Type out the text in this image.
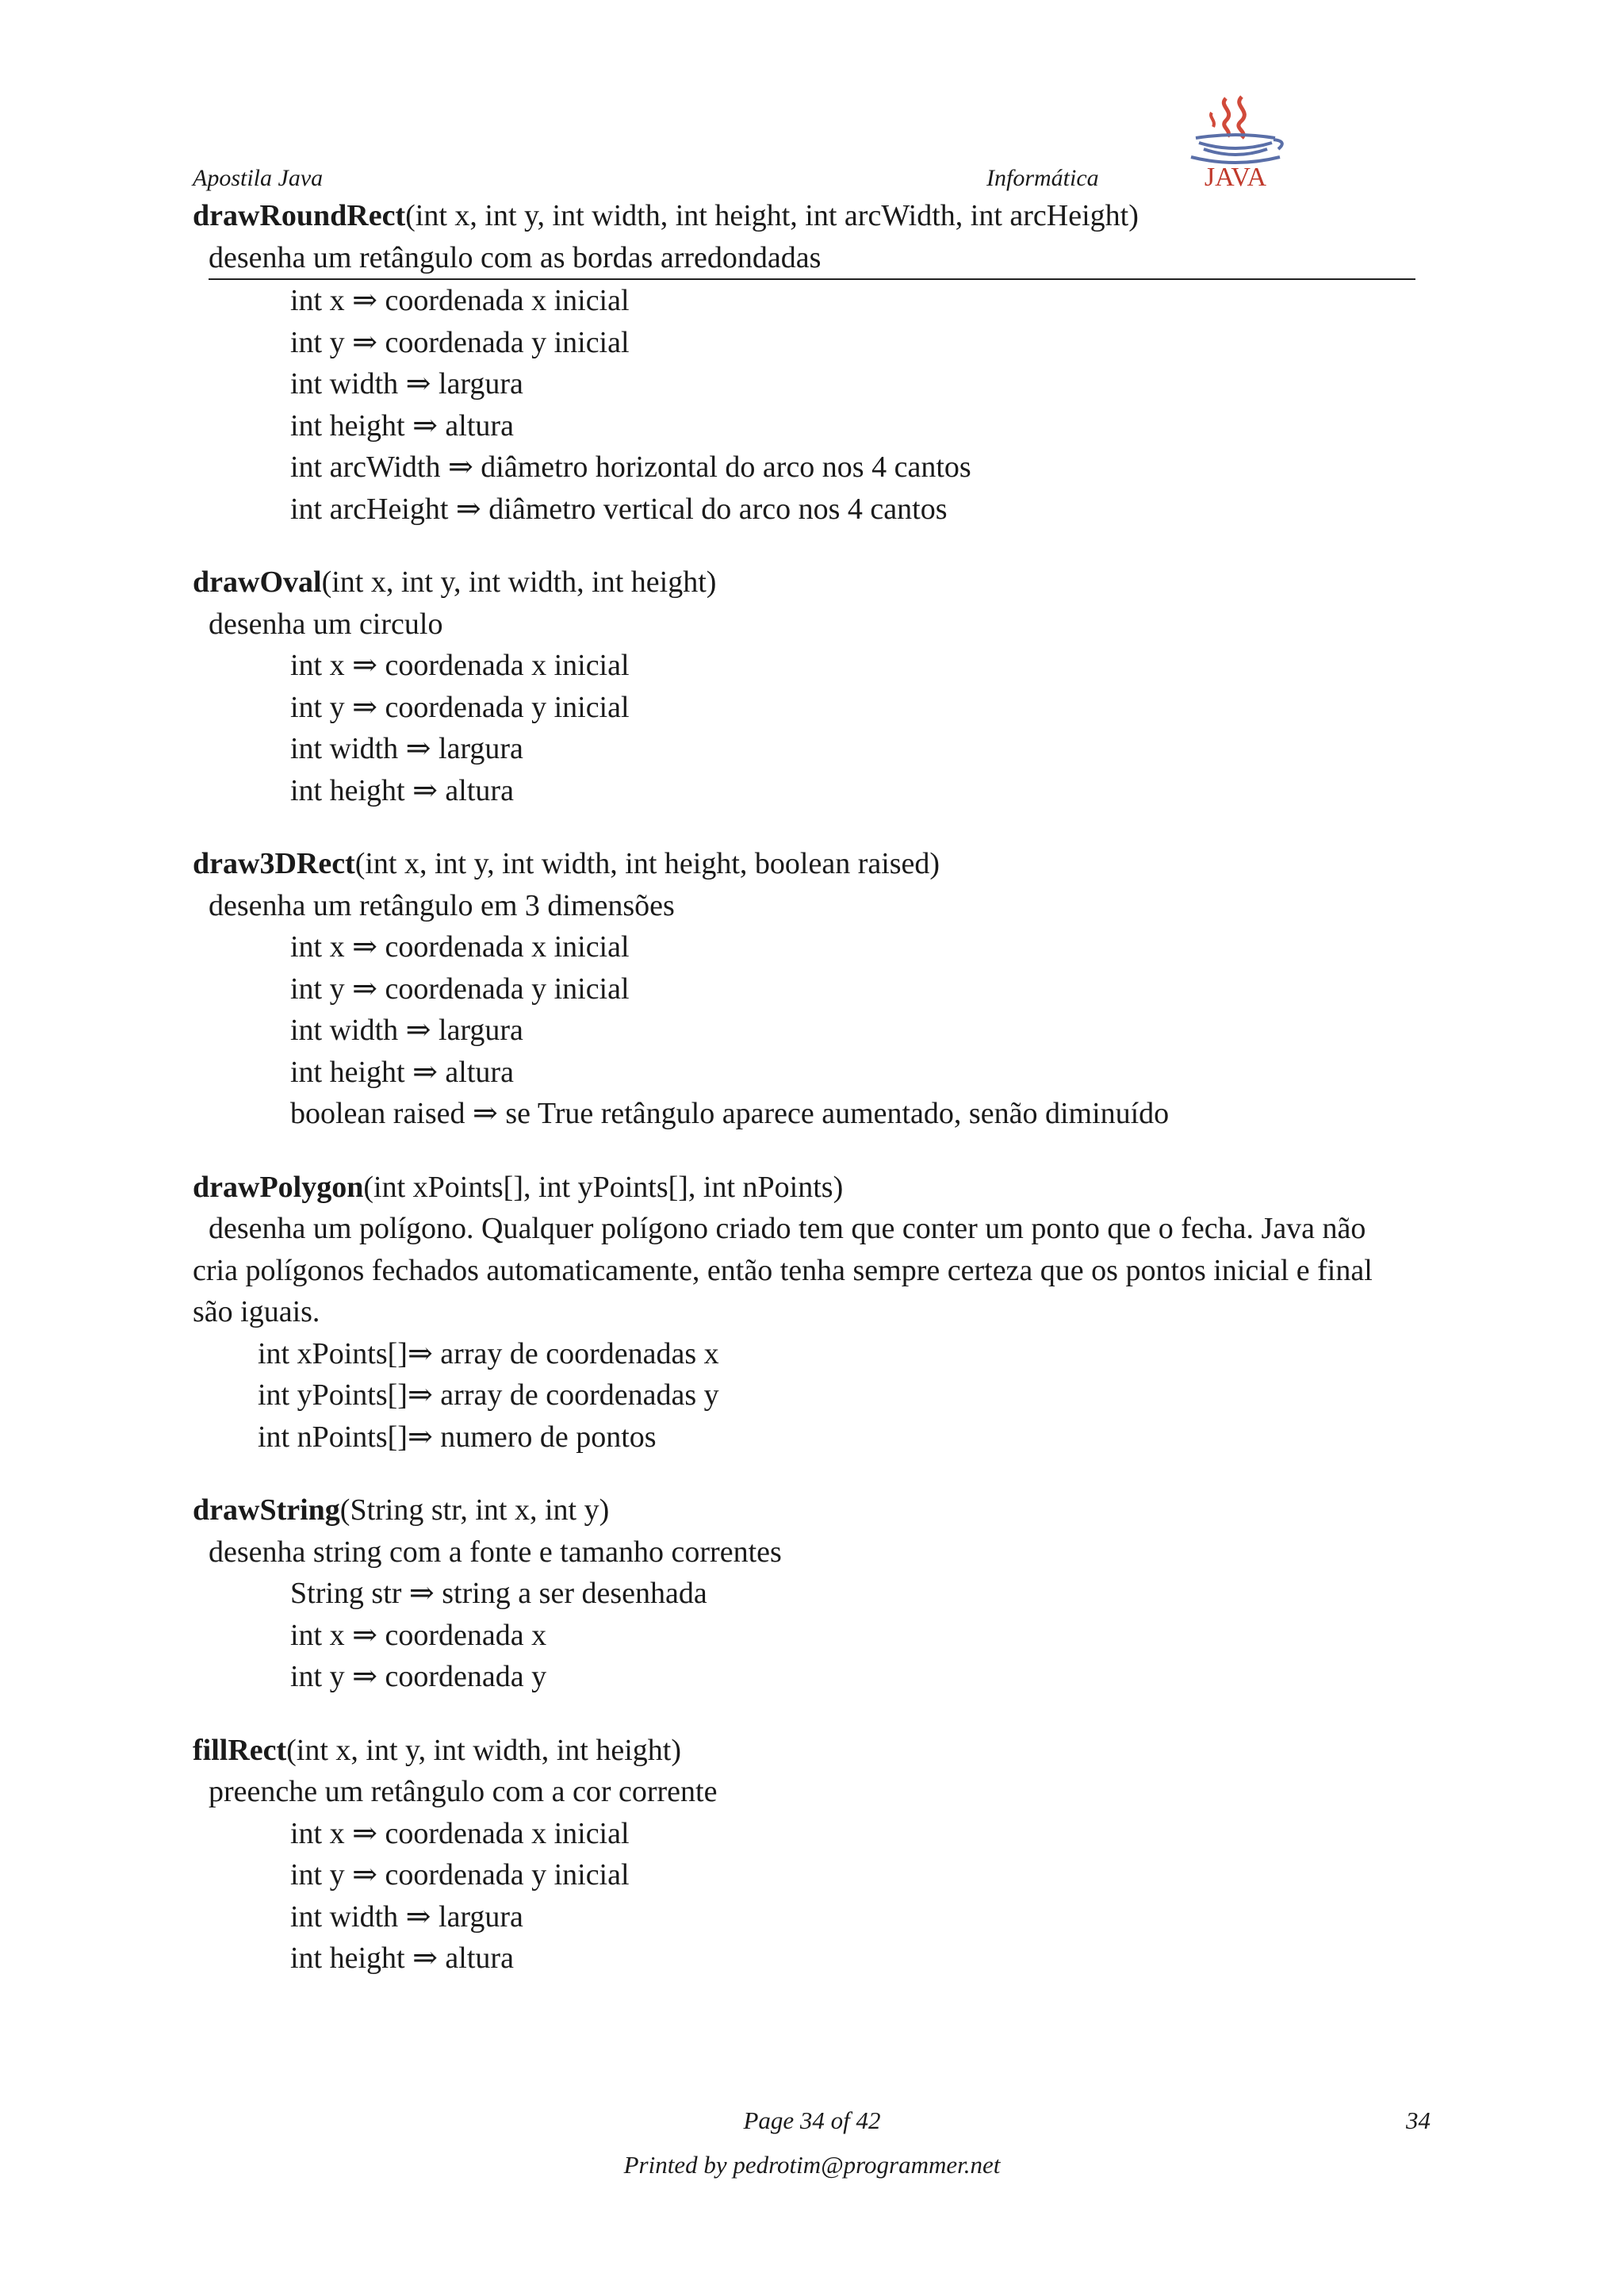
Apostila Java	Informática	JAVA

drawRoundRect(int x, int y, int width, int height, int arcWidth, int arcHeight)

desenha um retângulo com as bordas arredondadas

int x ⇒ coordenada x inicial

int y ⇒ coordenada y inicial

int width ⇒ largura

int height ⇒ altura

int arcWidth ⇒ diâmetro horizontal do arco nos 4 cantos

int arcHeight ⇒ diâmetro vertical do arco nos 4 cantos

drawOval(int x, int y, int width, int height)

desenha um circulo

int x ⇒ coordenada x inicial

int y ⇒ coordenada y inicial

int width ⇒ largura

int height ⇒ altura

draw3DRect(int x, int y, int width, int height, boolean raised)

desenha um retângulo em 3 dimensões

int x ⇒ coordenada x inicial

int y ⇒ coordenada y inicial

int width ⇒ largura

int height ⇒ altura

boolean raised ⇒ se True retângulo aparece aumentado, senão diminuído

drawPolygon(int xPoints[], int yPoints[], int nPoints)

desenha um polígono. Qualquer polígono criado tem que conter um ponto que o fecha. Java não cria polígonos fechados automaticamente, então tenha sempre certeza que os pontos inicial e final são iguais.

int xPoints[]⇒ array de coordenadas x

int yPoints[]⇒ array de coordenadas y

int nPoints[]⇒ numero de pontos

drawString(String str, int x, int y)

desenha string com a fonte e tamanho correntes

String str ⇒ string a ser desenhada

int x ⇒ coordenada x

int y ⇒ coordenada y

fillRect(int x, int y, int width, int height)

preenche um retângulo com a cor corrente

int x ⇒ coordenada x inicial

int y ⇒ coordenada y inicial

int width ⇒ largura

int height ⇒ altura

Page 34 of 42
Printed by pedrotim@programmer.net
34
